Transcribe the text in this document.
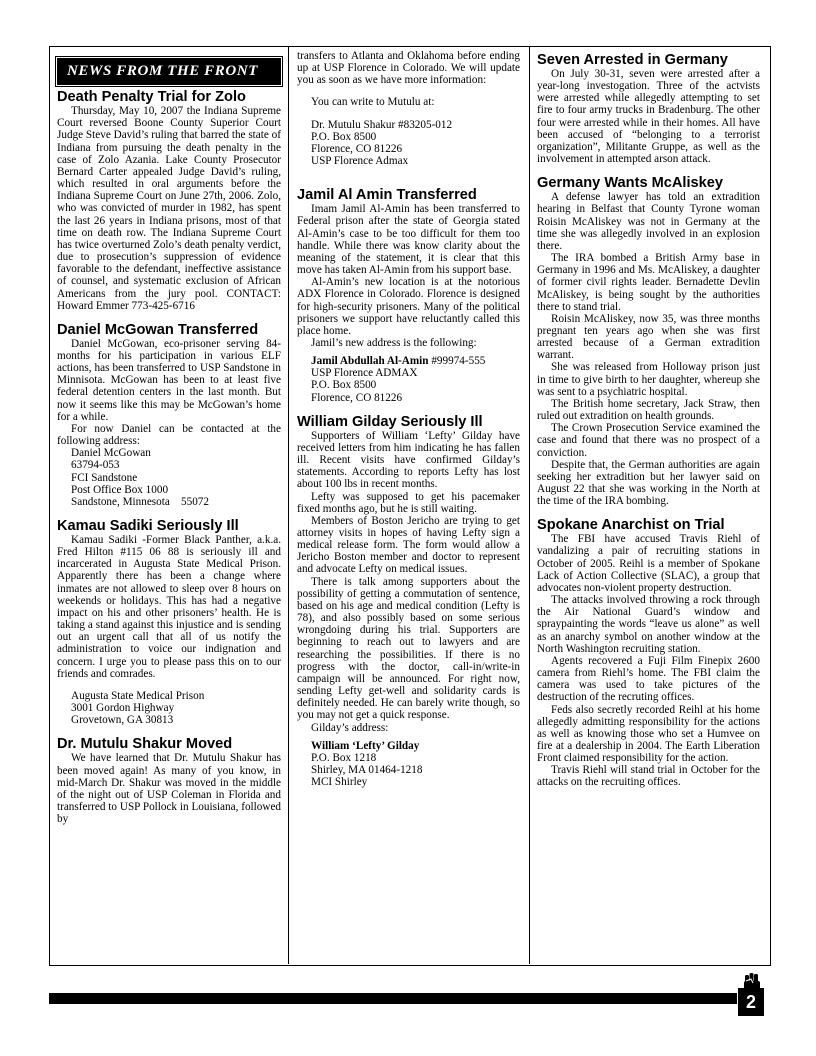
NEWS FROM THE FRONT
Death Penalty Trial for Zolo

Thursday, May 10, 2007 the Indiana Supreme Court reversed Boone County Superior Court Judge Steve David’s ruling that barred the state of Indiana from pursuing the death penalty in the case of Zolo Azania. Lake County Prosecutor Bernard Carter appealed Judge David’s ruling, which resulted in oral arguments before the Indiana Supreme Court on June 27th, 2006. Zolo, who was convicted of murder in 1982, has spent the last 26 years in Indiana prisons, most of that time on death row. The Indiana Supreme Court has twice overturned Zolo’s death penalty verdict, due to prosecution’s suppression of evidence favorable to the defendant, ineffective assistance of counsel, and systematic exclusion of African Americans from the jury pool. CONTACT: Howard Emmer 773-425-6716

Daniel McGowan Transferred

Daniel McGowan, eco-prisoner serving 84-months for his participation in various ELF actions, has been transferred to USP Sandstone in Minnisota. McGowan has been to at least five federal detention centers in the last month. But now it seems like this may be McGowan’s home for a while.

For now Daniel can be contacted at the following address:

Daniel McGowan

63794-053

FCI Sandstone

Post Office Box 1000

Sandstone, Minnesota    55072

Kamau Sadiki Seriously Ill

Kamau Sadiki -Former Black Panther, a.k.a. Fred Hilton #115 06 88 is seriously ill and incarcerated in Augusta State Medical Prison. Apparently there has been a change where inmates are not allowed to sleep over 8 hours on weekends or holidays. This has had a negative impact on his and other prisoners’ health. He is taking a stand against this injustice and is sending out an urgent call that all of us notify the administration to voice our indignation and concern. I urge you to please pass this on to our friends and comrades.

Augusta State Medical Prison

3001 Gordon Highway

Grovetown, GA 30813

Dr. Mutulu Shakur Moved

We have learned that Dr. Mutulu Shakur has been moved again! As many of you know, in mid-March Dr. Shakur was moved in the middle of the night out of USP Coleman in Florida and transferred to USP Pollock in Louisiana, followed by

transfers to Atlanta and Oklahoma before ending up at USP Florence in Colorado. We will update you as soon as we have more information:

You can write to Mutulu at:

Dr. Mutulu Shakur #83205-012

P.O. Box 8500

Florence, CO 81226

USP Florence Admax

Jamil Al Amin Transferred

Imam Jamil Al-Amin has been transferred to Federal prison after the state of Georgia stated Al-Amin’s case to be too difficult for them too handle. While there was know clarity about the meaning of the statement, it is clear that this move has taken Al-Amin from his support base.

Al-Amin’s new location is at the notorious ADX Florence in Colorado. Florence is designed for high-security prisoners. Many of the political prisoners we support have reluctantly called this place home.

Jamil’s new address is the following:

Jamil Abdullah Al-Amin #99974-555

USP Florence ADMAX

P.O. Box 8500

Florence, CO 81226

William Gilday Seriously Ill

Supporters of William ‘Lefty’ Gilday have received letters from him indicating he has fallen ill. Recent visits have confirmed Gilday’s statements. According to reports Lefty has lost about 100 lbs in recent months.

Lefty was supposed to get his pacemaker fixed months ago, but he is still waiting.

Members of Boston Jericho are trying to get attorney visits in hopes of having Lefty sign a medical release form. The form would allow a Jericho Boston member and doctor to represent and advocate Lefty on medical issues.

There is talk among supporters about the possibility of getting a commutation of sentence, based on his age and medical condition (Lefty is 78), and also possibly based on some serious wrongdoing during his trial. Supporters are beginning to reach out to lawyers and are researching the possibilities. If there is no progress with the doctor, call-in/write-in campaign will be announced. For right now, sending Lefty get-well and solidarity cards is definitely needed. He can barely write though, so you may not get a quick response.

Gilday’s address:

William ‘Lefty’ Gilday

P.O. Box 1218

Shirley, MA 01464-1218

MCI Shirley

Seven Arrested in Germany

On July 30-31, seven were arrested after a year-long investogation. Three of the actvists were arrested while allegedly attempting to set fire to four army trucks in Bradenburg. The other four were arrested while in their homes. All have been accused of “belonging to a terrorist organization”, Militante Gruppe, as well as the involvement in attempted arson attack.

Germany Wants McAliskey

A defense lawyer has told an extradition hearing in Belfast that County Tyrone woman Roisin McAliskey was not in Germany at the time she was allegedly involved in an explosion there.

The IRA bombed a British Army base in Germany in 1996 and Ms. McAliskey, a daughter of former civil rights leader. Bernadette Devlin McAliskey, is being sought by the authorities there to stand trial.

Roisin McAliskey, now 35, was three months pregnant ten years ago when she was first arrested because of a German extradition warrant.

She was released from Holloway prison just in time to give birth to her daughter, whereup she was sent to a psychiatric hospital.

The British home secretary, Jack Straw, then ruled out extradition on health grounds.

The Crown Prosecution Service examined the case and found that there was no prospect of a conviction.

Despite that, the German authorities are again seeking her extradition but her lawyer said on August 22 that she was working in the North at the time of the IRA bombing.

Spokane Anarchist on Trial

The FBI have accused Travis Riehl of vandalizing a pair of recruiting stations in October of 2005. Reihl is a member of Spokane Lack of Action Collective (SLAC), a group that advocates non-violent property destruction.

The attacks involved throwing a rock through the Air National Guard’s window and spraypainting the words “leave us alone” as well as an anarchy symbol on another window at the North Washington recruiting station.

Agents recovered a Fuji Film Finepix 2600 camera from Riehl’s home. The FBI claim the camera was used to take pictures of the destruction of the recruting offices.

Feds also secretly recorded Reihl at his home allegedly admitting responsibility for the actions as well as knowing those who set a Humvee on fire at a dealership in 2004. The Earth Liberation Front claimed responsibility for the action.

Travis Riehl will stand trial in October for the attacks on the recruiting offices.

2
